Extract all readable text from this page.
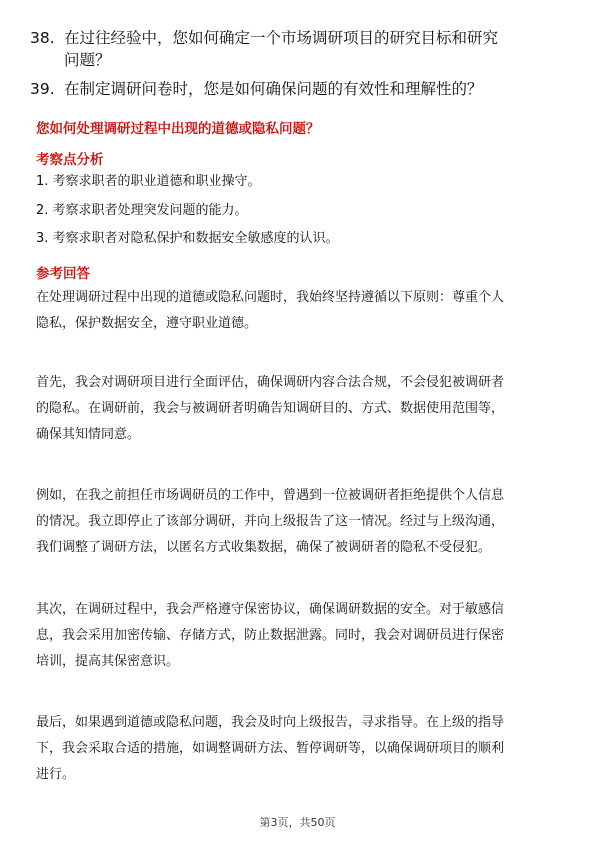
38. 在过往经验中，您如何确定一个市场调研项目的研究目标和研究
问题？
39. 在制定调研问卷时，您是如何确保问题的有效性和理解性的？
您如何处理调研过程中出现的道德或隐私问题？
考察点分析
1. 考察求职者的职业道德和职业操守。
2. 考察求职者处理突发问题的能力。
3. 考察求职者对隐私保护和数据安全敏感度的认识。
参考回答
在处理调研过程中出现的道德或隐私问题时，我始终坚持遵循以下原则：尊重个人
隐私，保护数据安全，遵守职业道德。
首先，我会对调研项目进行全面评估，确保调研内容合法合规，不会侵犯被调研者
的隐私。在调研前，我会与被调研者明确告知调研目的、方式、数据使用范围等，
确保其知情同意。
例如，在我之前担任市场调研员的工作中，曾遇到一位被调研者拒绝提供个人信息
的情况。我立即停止了该部分调研，并向上级报告了这一情况。经过与上级沟通，
我们调整了调研方法，以匿名方式收集数据，确保了被调研者的隐私不受侵犯。
其次，在调研过程中，我会严格遵守保密协议，确保调研数据的安全。对于敏感信
息，我会采用加密传输、存储方式，防止数据泄露。同时，我会对调研员进行保密
培训，提高其保密意识。
最后，如果遇到道德或隐私问题，我会及时向上级报告，寻求指导。在上级的指导
下，我会采取合适的措施，如调整调研方法、暂停调研等，以确保调研项目的顺利
进行。
第3页，共50页
